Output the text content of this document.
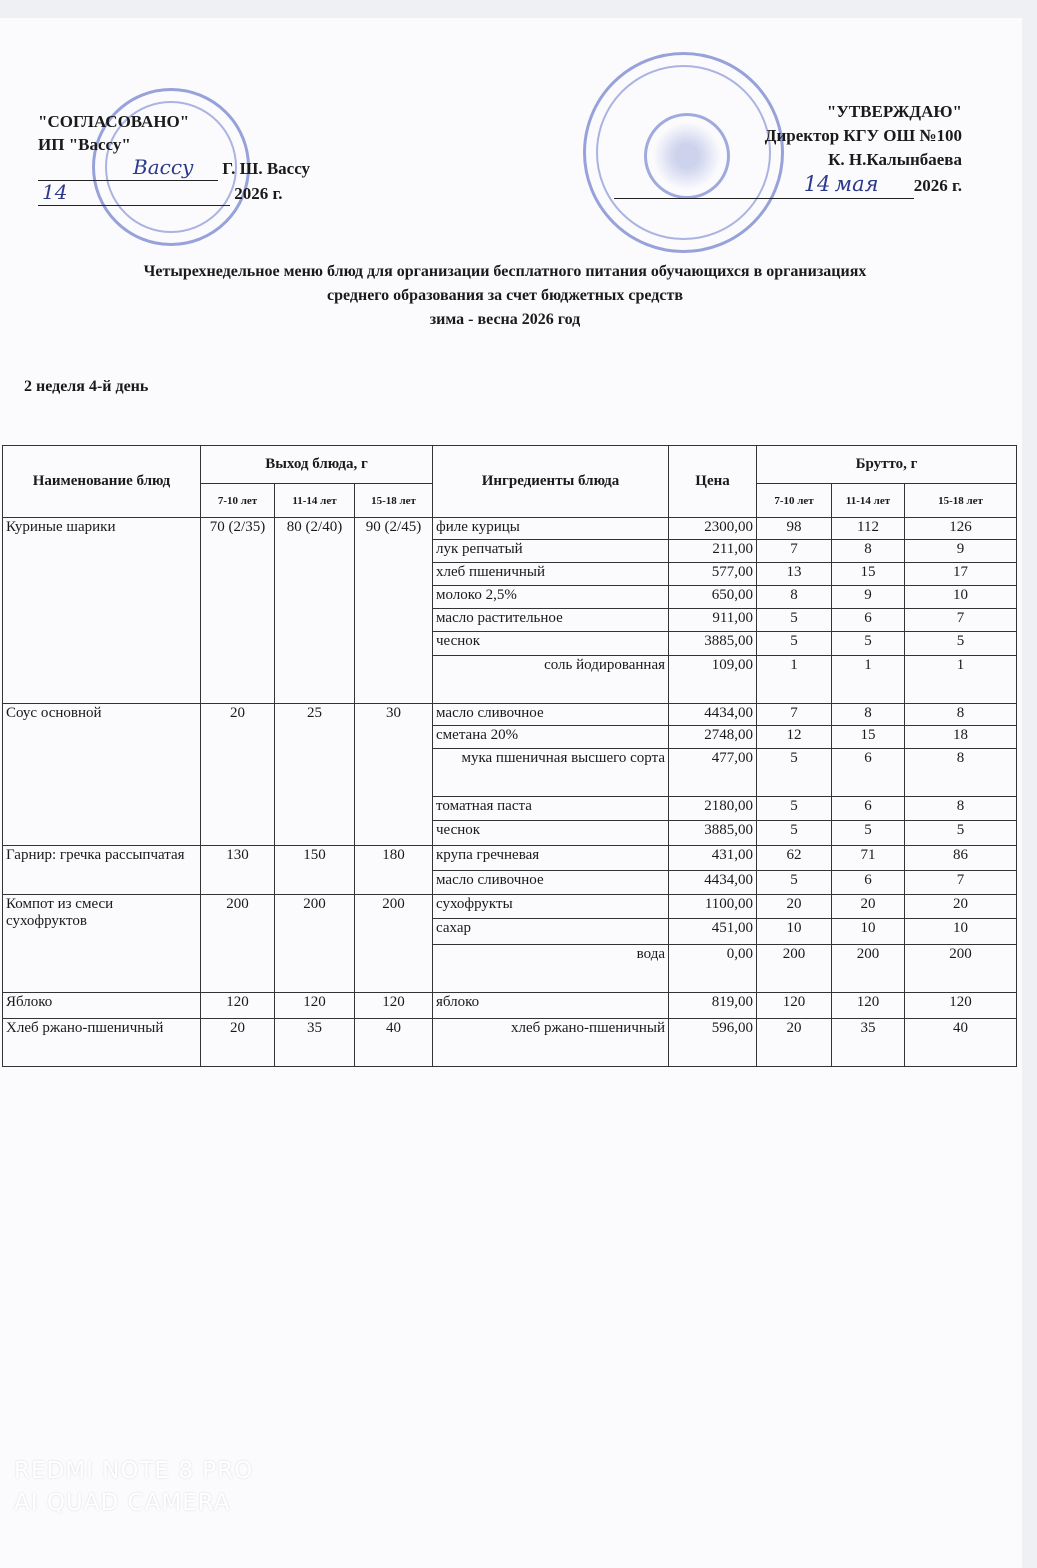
"СОГЛАСОВАНО"
ИП "Вассу"
Вассу Г. Ш. Вассу
14	2026 г.
"УТВЕРЖДАЮ"
Директор КГУ ОШ №100
К. Н.Калынбаева
14 мая 2026 г.
Четырехнедельное меню блюд для организации бесплатного питания обучающихся в организациях
среднего образования за счет бюджетных средств
зима - весна 2026 год
2 неделя 4-й день
Наименование блюд	Выход блюда, г			Ингредиенты блюда	Цена	Брутто, г		
	7-10 лет	11-14 лет	15-18 лет			7-10 лет	11-14 лет	15-18 лет
Куриные шарики	70 (2/35)	80 (2/40)	90 (2/45)	филе курицы	2300,00	98	112	126
				лук репчатый	211,00	7	8	9
				хлеб пшеничный	577,00	13	15	17
				молоко 2,5%	650,00	8	9	10
				масло растительное	911,00	5	6	7
				чеснок	3885,00	5	5	5
				соль йодированная	109,00	1	1	1
Соус основной	20	25	30	масло сливочное	4434,00	7	8	8
				сметана 20%	2748,00	12	15	18
				мука пшеничная высшего сорта	477,00	5	6	8
				томатная паста	2180,00	5	6	8
				чеснок	3885,00	5	5	5
Гарнир: гречка рассыпчатая	130	150	180	крупа гречневая	431,00	62	71	86
				масло сливочное	4434,00	5	6	7
Компот из смеси сухофруктов	200	200	200	сухофрукты	1100,00	20	20	20
				сахар	451,00	10	10	10
				вода	0,00	200	200	200
Яблоко	120	120	120	яблоко	819,00	120	120	120
Хлеб ржано-пшеничный	20	35	40	хлеб ржано-пшеничный	596,00	20	35	40
REDMI NOTE 8 PRO
AI QUAD CAMERA
